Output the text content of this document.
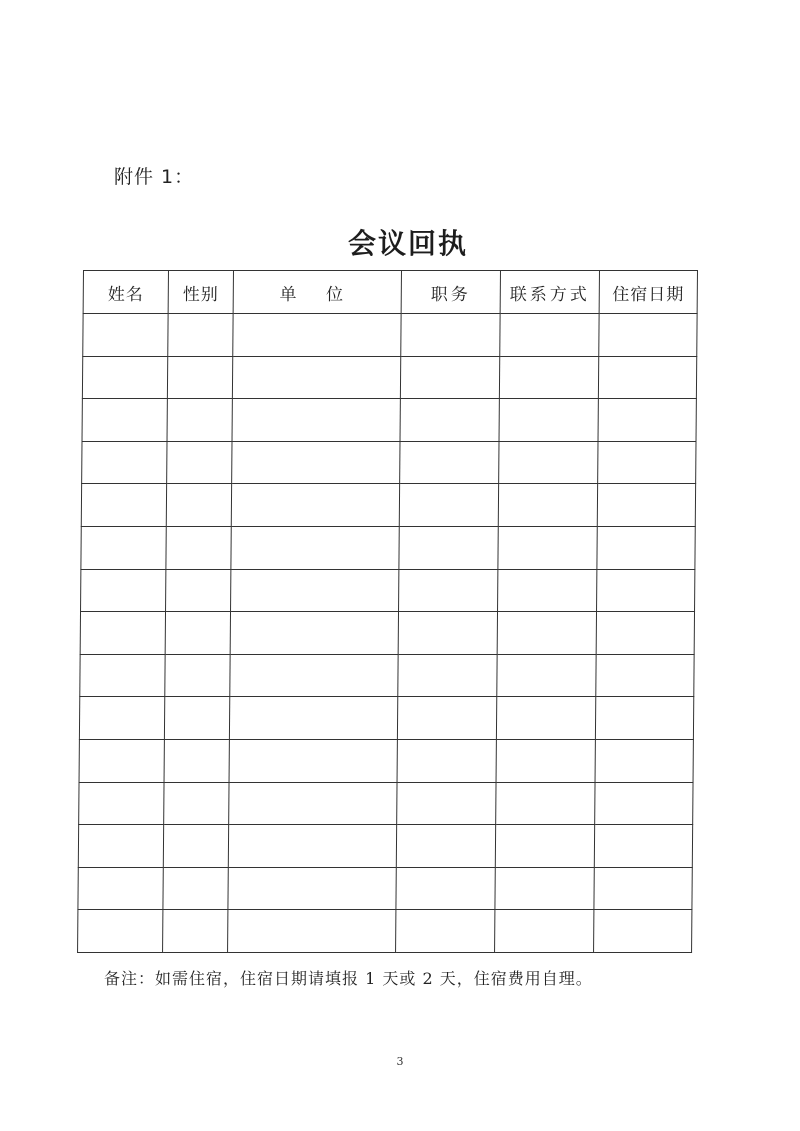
附件 1：
会议回执
姓名	性别	单 位	职务	联系方式	住宿日期

备注：如需住宿，住宿日期请填报 1 天或 2 天，住宿费用自理。
3
